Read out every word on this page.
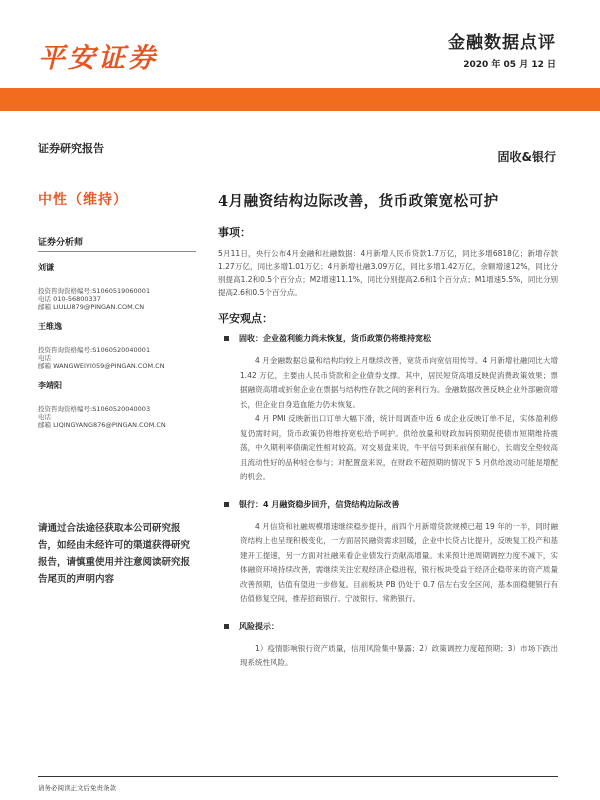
平安证券	金融数据点评
2020 年 05 月 12 日
证券研究报告
中性（维持）
证券分析师
刘谦
投资咨询资格编号:S1060519060001
电话 010-56800337
邮箱 LIULU879@PINGAN.COM.CN
王维逸
投资咨询资格编号:S1060520040001
电话
邮箱 WANGWEIYI059@PINGAN.COM.CN
李靖阳
投资咨询资格编号:S1060520040003
电话
邮箱 LIQINGYANG876@PINGAN.COM.CN
请通过合法途径获取本公司研究报告，如经由未经许可的渠道获得研究报告，请慎重使用并注意阅读研究报告尾页的声明内容
固收&银行
4月融资结构边际改善，货币政策宽松可护
事项：
5月11日，央行公布4月金融和社融数据：4月新增人民币贷款1.7万亿，同比多增6818亿；新增存款1.27万亿，同比多增1.01万亿；4月新增社融3.09万亿，同比多增1.42万亿，余额增速12%，同比分别提高1.2和0.5个百分点；M2增速11.1%，同比分别提高2.6和1个百分点；M1增速5.5%，同比分别提高2.6和0.5个百分点。
平安观点：
固收：企业盈利能力尚未恢复，货币政策仍将维持宽松
4 月金融数据总量和结构均较上月继续改善，宽货币向宽信用传导。4 月新增社融同比大增 1.42 万亿，主要由人民币贷款和企业债券支撑。其中，居民短贷高增反映促消费政策效果；票据融资高增或折射企业在票据与结构性存款之间的套利行为。金融数据改善反映企业外部融资增长，但企业自身造血能力仍未恢复。
4 月 PMI 反映新出口订单大幅下滑，统计局调查中近 6 成企业反映订单不足，实体盈利修复仍需时间，货币政策仍将维持宽松给予呵护。供给放量和财政加码预期促使债市短期维持震荡，中久期利率债确定性相对较高。对交易盘来说，牛平信号到来前保有耐心，长端安全垫较高且流动性好的品种轻仓参与；对配置盘来说，在财政不超预期的情况下 5 月供给波动可能是增配的机会。
银行：4 月融资稳步回升，信贷结构边际改善
4 月信贷和社融规模增速继续稳步提升，前四个月新增贷款规模已超 19 年的一半，同时融资结构上也呈现积极变化，一方面居民融资需求回暖，企业中长贷占比提升，反映复工投产和基建开工提速，另一方面对社融来看企业债发行贡献高增量。未来预计逆周期调控力度不减下，实体融资环境持续改善，需继续关注宏观经济企稳进程，银行板块受益于经济企稳带来的资产质量改善预期，估值有望进一步修复。目前板块 PB 仍处于 0.7 倍左右安全区间，基本面稳健银行有估值修复空间，推荐招商银行、宁波银行、常熟银行。
风险提示：
1）疫情影响银行资产质量，信用风险集中暴露；2）政策调控力度超预期；3）市场下跌出现系统性风险。
请务必阅读正文后免责条款
